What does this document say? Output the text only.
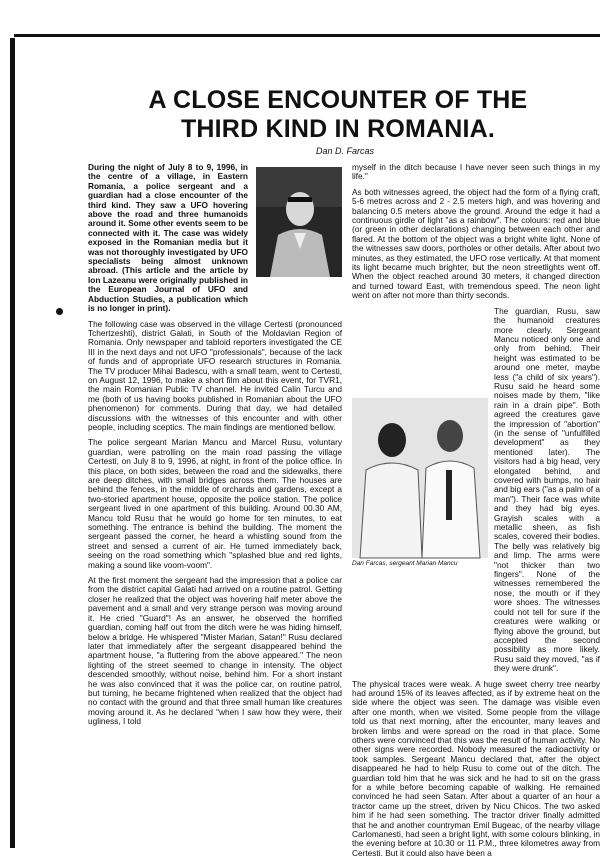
A CLOSE ENCOUNTER OF THE THIRD KIND IN ROMANIA.
Dan D. Farcas

During the night of July 8 to 9, 1996, in the centre of a village, in Eastern Romania, a police sergeant and a guardian had a close encounter of the third kind. They saw a UFO hovering above the road and three humanoids around it. Some other events seem to be connected with it. The case was widely exposed in the Romanian media but it was not thoroughly investigated by UFO specialists being almost unknown abroad. (This article and the article by Ion Lazeanu were originally published in the European Journal of UFO and Abduction Studies, a publication which is no longer in print).

The following case was observed in the village Certesti (pronounced Tchertzeshti), district Galati, in South of the Moldavian Region of Romania. Only newspaper and tabloid reporters investigated the CE III in the next days and not UFO "professionals", because of the lack of funds and of appropriate UFO research structures in Romania. The TV producer Mihai Badescu, with a small team, went to Certesti, on August 12, 1996, to make a short film about this event, for TVR1, the main Romanian Public TV channel. He invited Calin Turcu and me (both of us having books published in Romanian about the UFO phenomenon) for comments. During that day, we had detailed discussions with the witnesses of this encounter and with other people, including sceptics. The main findings are mentioned bellow.

The police sergeant Marian Mancu and Marcel Rusu, voluntary guardian, were patrolling on the main road passing the village Certesti, on July 8 to 9, 1996, at night, in front of the police office. In this place, on both sides, between the road and the sidewalks, there are deep ditches, with small bridges across them. The houses are behind the fences, in the middle of orchards and gardens, except a two-storied apartment house, opposite the police station. The police sergeant lived in one apartment of this building. Around 00.30 AM, Mancu told Rusu that he would go home for ten minutes, to eat something. The entrance is behind the building. The moment the sergeant passed the corner, he heard a whistling sound from the street and sensed a current of air. He turned immediately back, seeing on the road something which "splashed blue and red lights, making a sound like voom-voom".

At the first moment the sergeant had the impression that a police car from the district capital Galati had arrived on a routine patrol. Getting closer he realized that the object was hovering half meter above the pavement and a small and very strange person was moving around it. He cried "Guard"! As an answer, he observed the horrified guardian, coming half out from the ditch were he was hiding himself, below a bridge. He whispered "Mister Marian, Satan!" Rusu declared later that immediately after the sergeant disappeared behind the apartment house, "a fluttering from the above appeared." The neon lighting of the street seemed to change in intensity. The object descended smoothly, without noise, behind him. For a short instant he was also convinced that it was the police car, on routine patrol, but turning, he became frightened when realized that the object had no contact with the ground and that three small human like creatures moving around it. As he declared "when I saw how they were, their ugliness, I told

myself in the ditch because I have never seen such things in my life."

As both witnesses agreed, the object had the form of a flying craft, 5-6 metres across and 2 - 2.5 meters high, and was hovering and balancing 0.5 meters above the ground. Around the edge it had a continuous girdle of light "as a rainbow". The colours: red and blue (or green in other declarations) changing between each other and flared. At the bottom of the object was a bright white light. None of the witnesses saw doors, portholes or other details. After about two minutes, as they estimated, the UFO rose vertically. At that moment its light became much brighter, but the neon streetlights went off. When the object reached around 30 meters, it changed direction and turned toward East, with tremendous speed. The neon light went on after not more than thirty seconds.

The guardian, Rusu, saw the humanoid creatures more clearly. Sergeant Mancu noticed only one and only from behind. Their height was estimated to be around one meter, maybe less ("a child of six years"). Rusu said he heard some noises made by them, "like rain in a drain pipe". Both agreed the creatures gave the impression of "abortion" (in the sense of "unfulfilled development" as they mentioned later). The visitors had a big head, very elongated behind, and covered with bumps, no hair and big ears ("as a palm of a man"). Their face was white and they had big eyes. Grayish scales with a metallic sheen, as fish scales, covered their bodies. The belly was relatively big and limp. The arms were "not thicker than two fingers". None of the witnesses remembered the nose, the mouth or if they wore shoes. The witnesses could not tell for sure if the creatures were walking or flying above the ground, but accepted the second possibility as more likely. Rusu said they moved, "as if they were drunk".

The physical traces were weak. A huge sweet cherry tree nearby had around 15% of its leaves affected, as if by extreme heat on the side where the object was seen. The damage was visible even after one month, when we visited. Some people from the village told us that next morning, after the encounter, many leaves and broken limbs and were spread on the road in that place. Some others were convinced that this was the result of human activity. No other signs were recorded. Nobody measured the radioactivity or took samples. Sergeant Mancu declared that, after the object disappeared he had to help Rusu to come out of the ditch. The guardian told him that he was sick and he had to sit on the grass for a while before becoming capable of walking. He remained convinced he had seen Satan. After about a quarter of an hour a tractor came up the street, driven by Nicu Chicos. The two asked him if he had seen something. The tractor driver finally admitted that he and another countryman Emil Bugeac, of the nearby village Carlomanesti, had seen a bright light, with some colours blinking, in the evening before at 10.30 or 11 P.M., three kilometres away from Certesti. But it could also have been a

Dan Farcas, sergeant Marian Mancu
